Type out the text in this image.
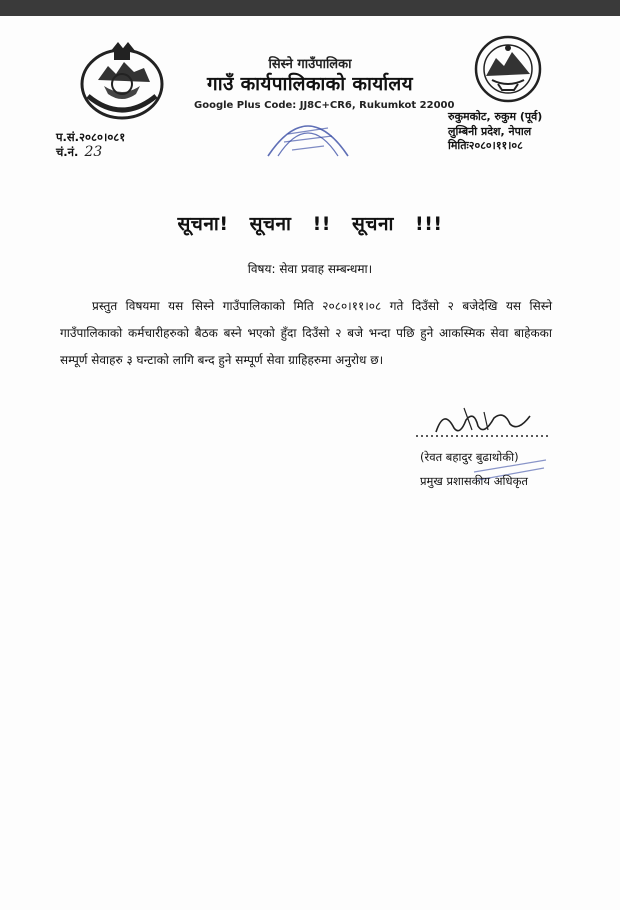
सिस्ने गाउँपालिका
गाउँ कार्यपालिकाको कार्यालय
Google Plus Code: JJ8C+CR6, Rukumkot 22000
प.सं.२०८०।०८१
चं.नं. 23
रुकुमकोट, रुकुम (पूर्व)
लुम्बिनी प्रदेश, नेपाल
मितिः२०८०।११।०८
सूचना! सूचना !! सूचना !!!
विषय: सेवा प्रवाह सम्बन्धमा।
प्रस्तुत विषयमा यस सिस्ने गाउँपालिकाको मिति २०८०।११।०८ गते दिउँसो २ बजेदेखि यस सिस्ने गाउँपालिकाको कर्मचारीहरुको बैठक बस्ने भएको हुँदा दिउँसो २ बजे भन्दा पछि हुने आकस्मिक सेवा बाहेकका सम्पूर्ण सेवाहरु ३ घन्टाको लागि बन्द हुने सम्पूर्ण सेवा ग्राहिहरुमा अनुरोध छ।
(रेवत बहादुर बुढाथोकी)
प्रमुख प्रशासकीय अधिकृत
